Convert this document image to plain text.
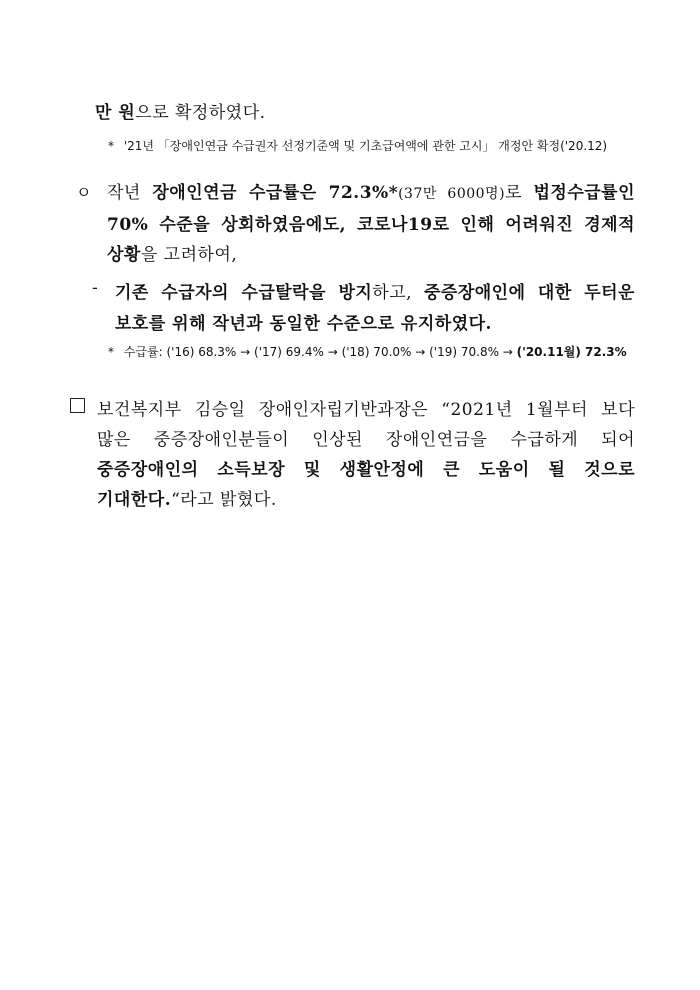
만 원으로 확정하였다.
* '21년 「장애인연금 수급권자 선정기준액 및 기초급여액에 관한 고시」 개정안 확정('20.12)
ㅇ 작년 장애인연금 수급률은 72.3%*(37만 6000명)로 법정수급률인
70% 수준을 상회하였음에도, 코로나19로 인해 어려워진 경제적
상황을 고려하여,
- 기존 수급자의 수급탈락을 방지하고, 중증장애인에 대한 두터운
보호를 위해 작년과 동일한 수준으로 유지하였다.
* 수급률: ('16) 68.3% → ('17) 69.4% → ('18) 70.0% → ('19) 70.8% → ('20.11월) 72.3%
보건복지부 김승일 장애인자립기반과장은 “2021년 1월부터 보다
많은 중증장애인분들이 인상된 장애인연금을 수급하게 되어
중증장애인의 소득보장 및 생활안정에 큰 도움이 될 것으로
기대한다.“라고 밝혔다.
